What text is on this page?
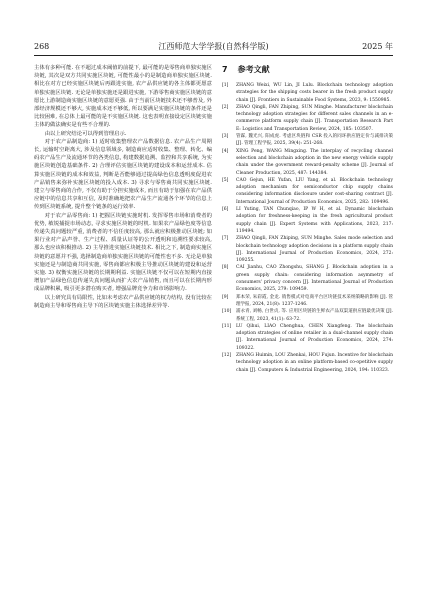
268	江西师范大学学报(自然科学版)	2025 年

主体有多种可能. 在不超过成本阈值的前提下, 最可能的是零售商单独实施区块链, 其次是双方共同实施区块链, 可能性最小的是制造商单独实施区块链. 相比在对方已经实施区块链后再跟进实施, 农产品供应链的各主体都更愿意单独实施区块链. 无论是单独实施还是跟进实施, 下游零售商实施区块链的意愿比上游制造商实施区块链的意愿更强. 由于当前区块链技术还不够普及, 外部经济规模还不够大, 实施成本还不够低, 所以要满足实施区块链的条件还是比较困难, 在总体上最可能的是不实施区块链. 这也表明直接设定区块链实施主体的做法确实是有些不合理的.

由以上研究结论可以得到管理启示.

对于农产品制造商: 1) 适时收集整理农产品数据信息. 农产品生产周期长, 运输时空距离大, 涉及信息领域多, 制造商应适时收集、整理、转化、编码农产品生产及流通环节的各类信息, 构建数据追溯、监控和共享系统, 为实施区块链创造基础条件. 2) 合理评估实施区块链的建设成本和运营成本. 估算实施区块链的成本和效益, 判断是否能够通过提高绿色信息透明度促进农产品销售来弥补实施区块链的投入成本. 3) 寻求与零售商共同实施区块链. 建立与零售商的合作, 不仅有助于分担实施成本, 而且有助于加强在农产品供应链中的信息共享和互信, 及时准确地把农产品生产流通各个环节的信息上传到区块链系统, 提升整个链条的运行效率.

对于农产品零售商: 1) 把握区块链实施时机. 发挥零售市场和消费者的优势, 敏锐捕捉市场动态, 寻求实施区块链的时机. 如果农产品绿色度等信息传递失真问题较严重, 消费者的不信任度较高, 那么就应积极推动区块链; 如果行业对产品声誉、生产过程、质量认证等的公开透明和追溯性要求较高, 那么也应该积极推动. 2) 主导推进实施区块链技术. 相比之下, 制造商实施区块链的意愿并不强, 选择制造商单独实施区块链的可能性也不多. 无论是单独实施还是与制造商共同实施, 零售商都应积极主导推动区块链的建设和运营实施. 3) 权衡实施区块链的长期期利益. 实施区块链不仅可以在短期内直接增加产品绿色信息传递失真问题从而扩大农产品销售, 而且可以在长期内形成品牌积累, 吸引更多潜在购买者, 增强品牌竞争力和市场影响力.

以上研究具有局限性, 比如未考虑农产品供应链的权力结构, 没有比较在制造商主导和零售商主导下的区块链实施主体选择差异等.

7 参考文献
[1] ZHANG Weixi, WU Lin, JI Lulu. Blockchain technology adoption strategies for the shipping costs bearer in the fresh product supply chain [J]. Frontiers in Sustainable Food Systems, 2023, 9: 1550985.
[2] ZHAO Qingli, FAN Zhiping, SUN Minghe. Manufacturer blockchain technology adoption strategies for different sales channels in an e-commerce platform supply chain [J]. Transportation Research Part E: Logistics and Transportation Review, 2024, 185: 103507.
[3] 管霖, 魏光兴, 阳成虎. 考虑区块链和 CSR 投入的同环供应链定价与减排决策 [J]. 管理工程学报, 2025, 39(4): 251-268.
[4] XING Peng, WANG Mingxing. The interplay of recycling channel selection and blockchain adoption in the new energy vehicle supply chain under the government reward-penalty scheme [J]. Journal of Cleaner Production, 2025, 487: 144384.
[5] CAO Gejun, HE Yufan, LIU Yang, et al. Blockchain technology adoption mechanism for semiconductor chip supply chains considering information disclosure under cost-sharing contract [J]. International Journal of Production Economics, 2025, 282: 109496.
[6] LI Yuting, TAN Chunqiao, IP W H, et al. Dynamic blockchain adoption for freshness-keeping in the fresh agricultural product supply chain [J]. Expert Systems with Applications, 2023, 217: 119494.
[7] ZHAO Qingli, FAN Zhiping, SUN Minghe. Sales mode selection and blockchain technology adoption decisions in a platform supply chain [J]. International Journal of Production Economics, 2024, 272: 109255.
[8] CAI Jianhu, CAO Zhongshu, SHANG J. Blockchain adoption in a green supply chain: considering information asymmetry of consumers' privacy concern [J]. International Journal of Production Economics, 2025, 279: 109459.
[9] 郑本荣, 朱彩霞, 金龙. 销售模式对电商平台区块链技术采纳策略的影响 [J]. 管理学报, 2024, 21(8): 1237-1246.
[10] 浦永青, 刘畅, 白世贞, 等. 应用区块链的生鲜农产品双渠道供应链最优决策 [J]. 系统工程, 2023, 41(1): 63-72.
[11] LU Qihui, LIAO Chenghua, CHEN Xiangfeng. The blockchain adoption strategies of online retailer in a dual-channel supply chain [J]. International Journal of Production Economics, 2024, 274: 109322.
[12] ZHANG Huimin, LOU Zhenkai, HOU Fujun. Incentive for blockchain technology adoption in an online platform-based co-opetitive supply chain [J]. Computers & Industrial Engineering, 2024, 194: 110323.
